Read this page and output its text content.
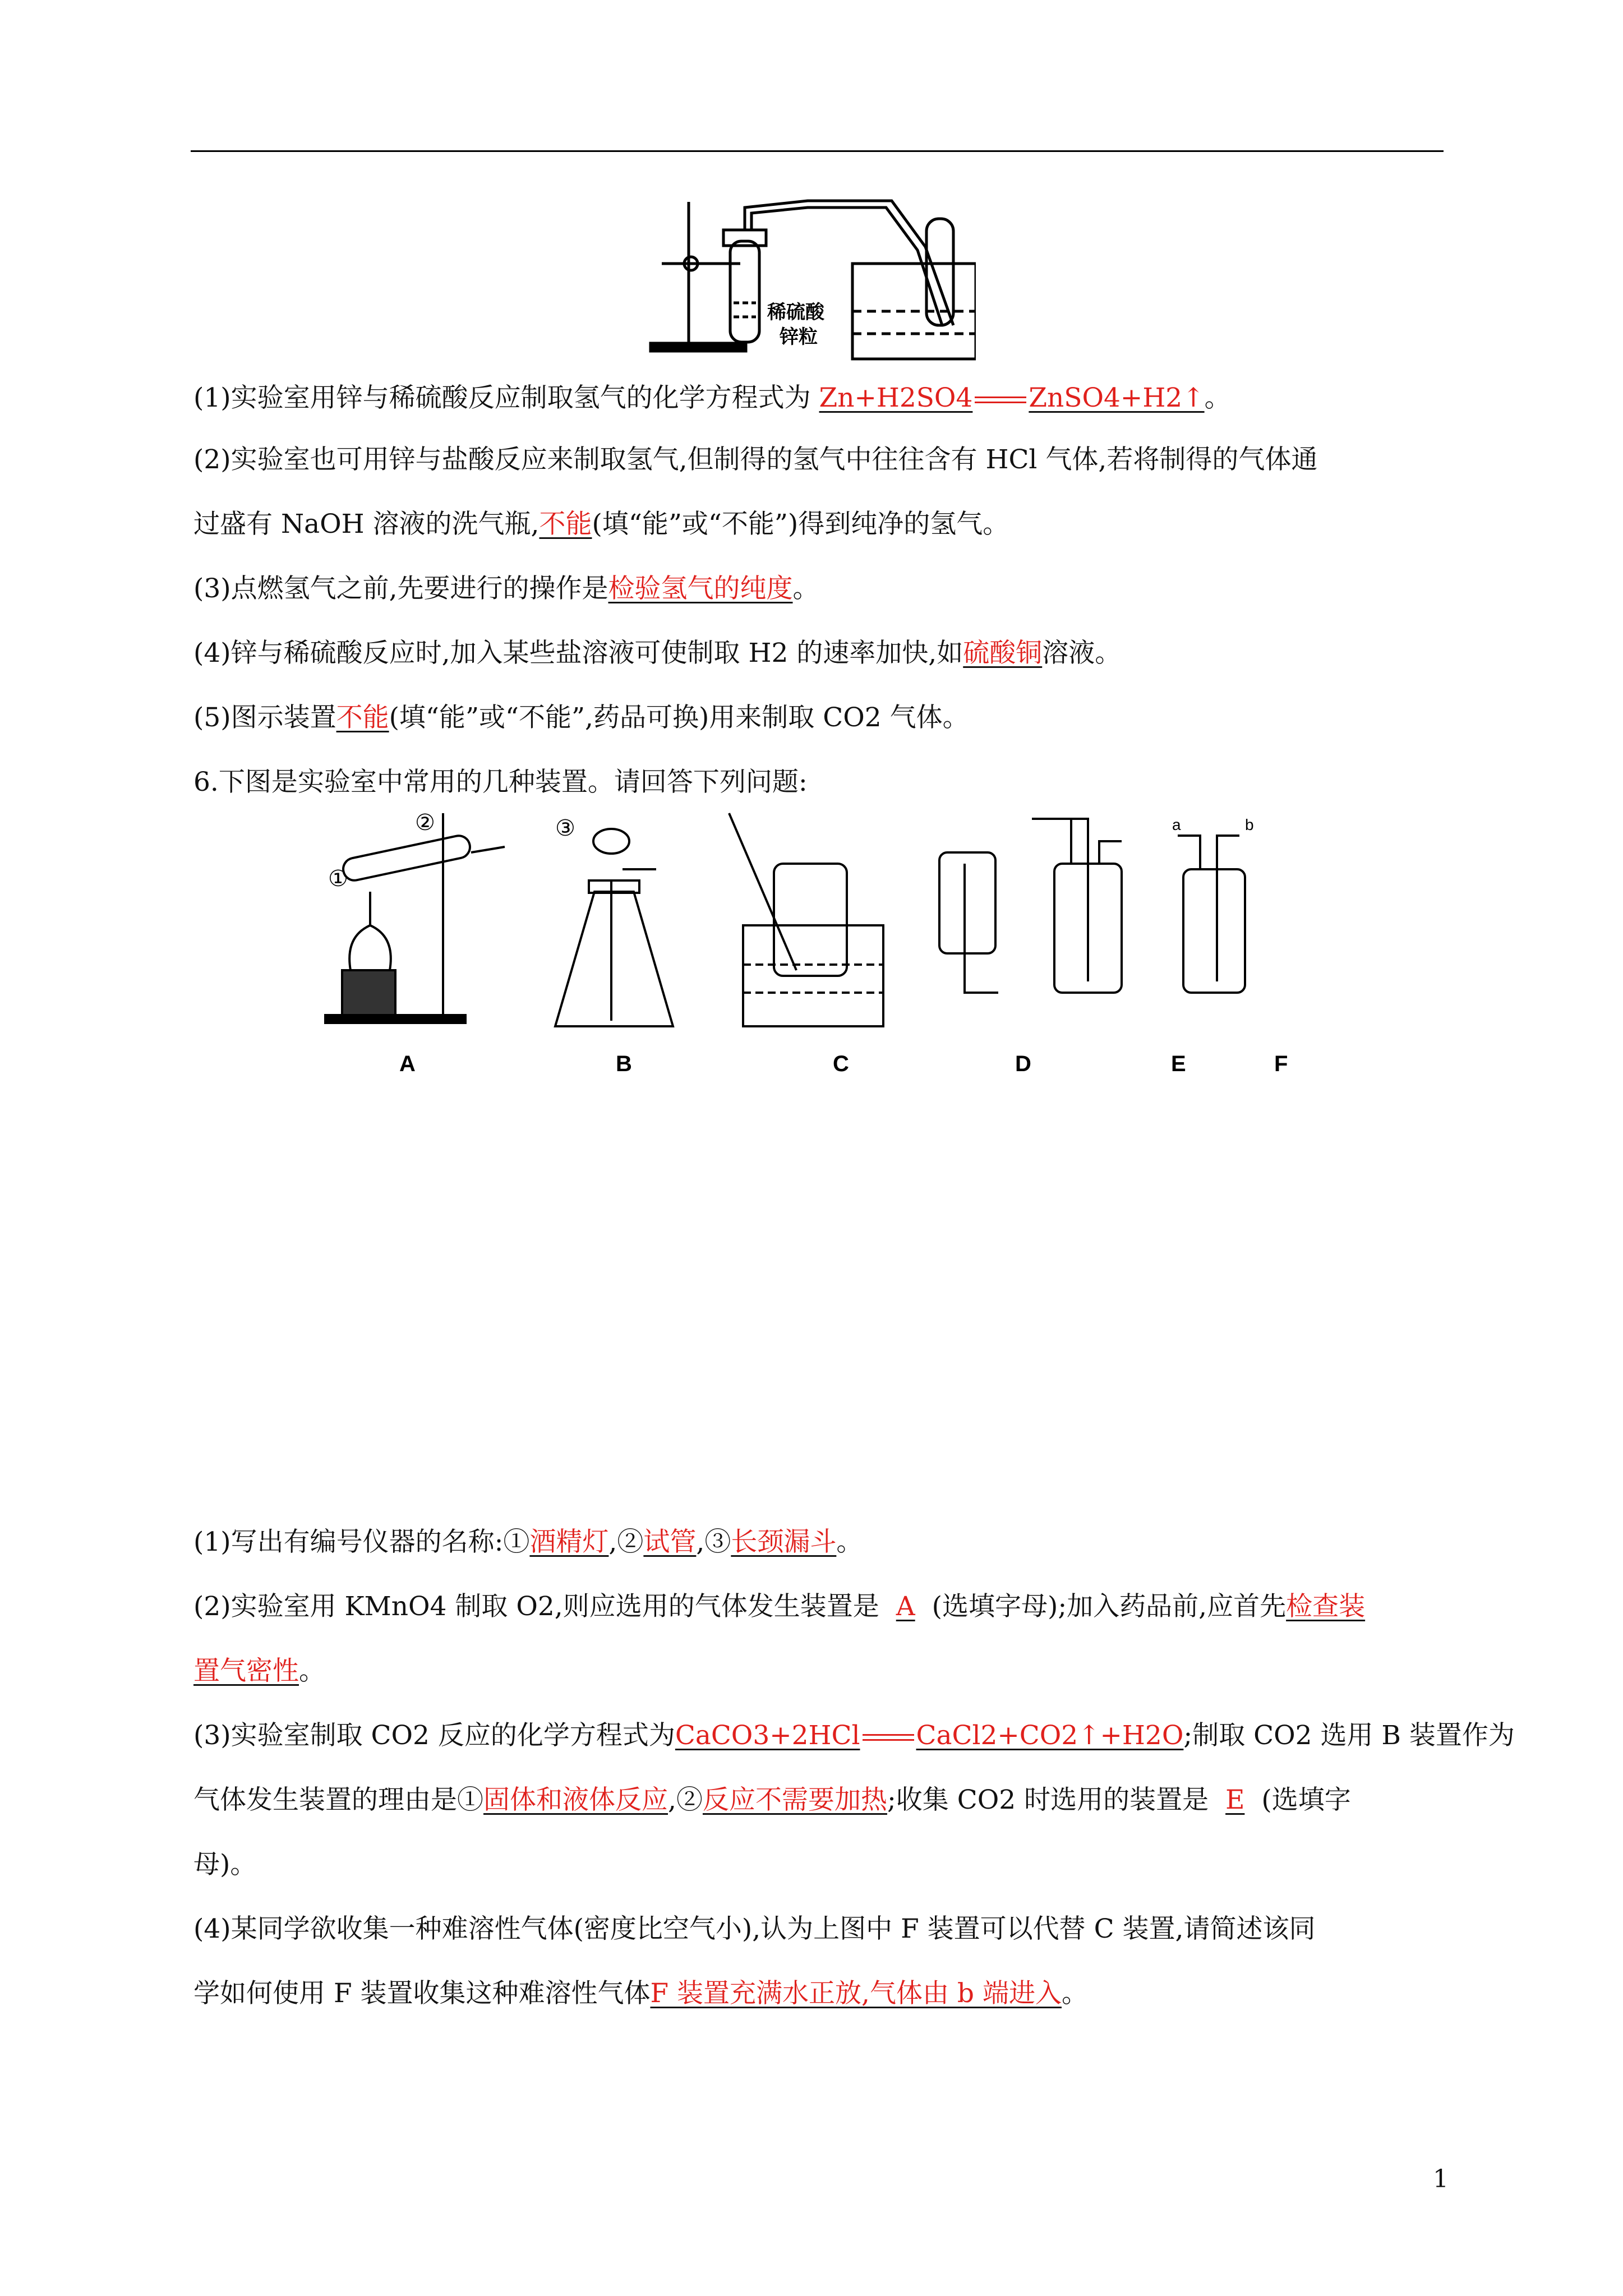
稀硫酸
锌粒
(1)实验室用锌与稀硫酸反应制取氢气的化学方程式为 Zn+H2SO4 ZnSO4+H2↑。
(2)实验室也可用锌与盐酸反应来制取氢气,但制得的氢气中往往含有 HCl 气体,若将制得的气体通
过盛有 NaOH 溶液的洗气瓶,不能(填“能”或“不能”)得到纯净的氢气。
(3)点燃氢气之前,先要进行的操作是检验氢气的纯度。
(4)锌与稀硫酸反应时,加入某些盐溶液可使制取 H2 的速率加快,如硫酸铜溶液。
(5)图示装置不能(填“能”或“不能”,药品可换)用来制取 CO2 气体。
6.下图是实验室中常用的几种装置。请回答下列问题:
①
②	③	a	b
A	B	C	D	E	F
(1)写出有编号仪器的名称:①酒精灯,②试管,③长颈漏斗。
(2)实验室用 KMnO4 制取 O2,则应选用的气体发生装置是 A (选填字母);加入药品前,应首先检查装
置气密性。
(3)实验室制取 CO2 反应的化学方程式为CaCO3+2HCl CaCl2+CO2↑+H2O;制取 CO2 选用 B 装置作为
气体发生装置的理由是①固体和液体反应,②反应不需要加热;收集 CO2 时选用的装置是 E (选填字
母)。
(4)某同学欲收集一种难溶性气体(密度比空气小),认为上图中 F 装置可以代替 C 装置,请简述该同
学如何使用 F 装置收集这种难溶性气体F 装置充满水正放,气体由 b 端进入。
1
